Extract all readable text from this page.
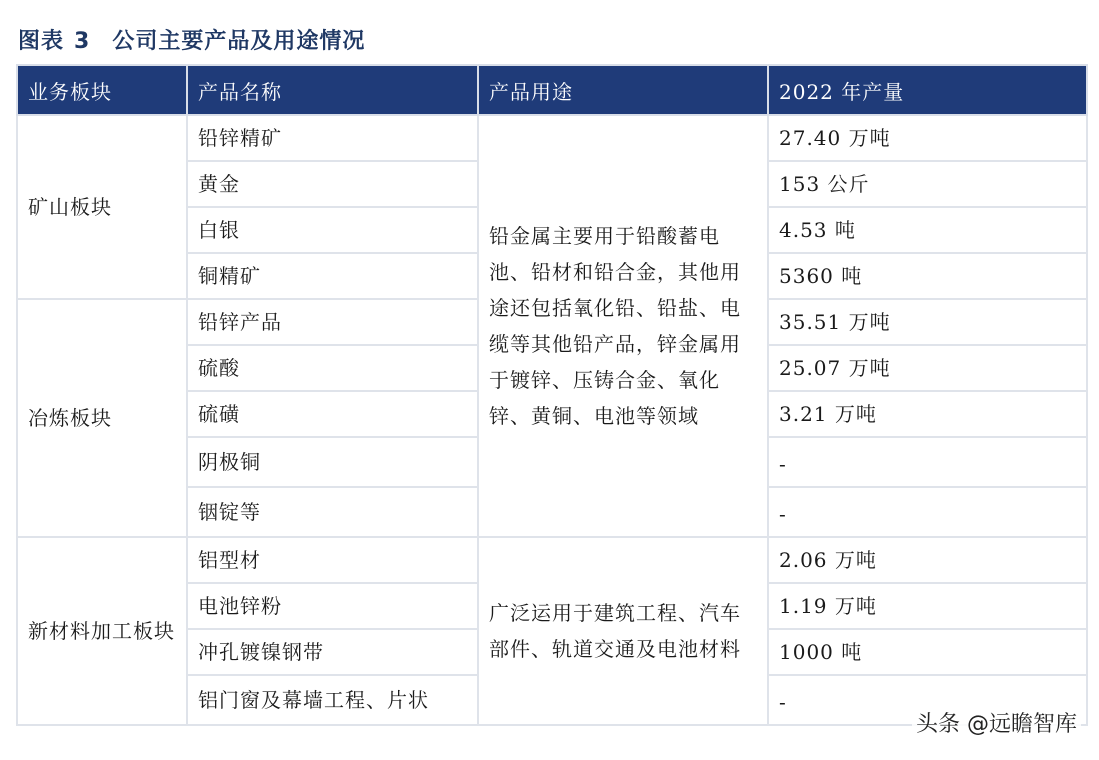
图表 3 公司主要产品及用途情况
业务板块	产品名称	产品用途	2022 年产量
矿山板块	铅锌精矿	铅金属主要用于铅酸蓄电池、铅材和铅合金，其他用途还包括氧化铅、铅盐、电缆等其他铅产品，锌金属用于镀锌、压铸合金、氧化锌、黄铜、电池等领域	27.40 万吨
	黄金		153 公斤
	白银		4.53 吨
	铜精矿		5360 吨
冶炼板块	铅锌产品		35.51 万吨
	硫酸		25.07 万吨
	硫磺		3.21 万吨
	阴极铜		-
	铟锭等		-
新材料加工板块	铝型材	广泛运用于建筑工程、汽车部件、轨道交通及电池材料	2.06 万吨
	电池锌粉		1.19 万吨
	冲孔镀镍钢带		1000 吨
	铝门窗及幕墙工程、片状		-
头条 @远瞻智库
